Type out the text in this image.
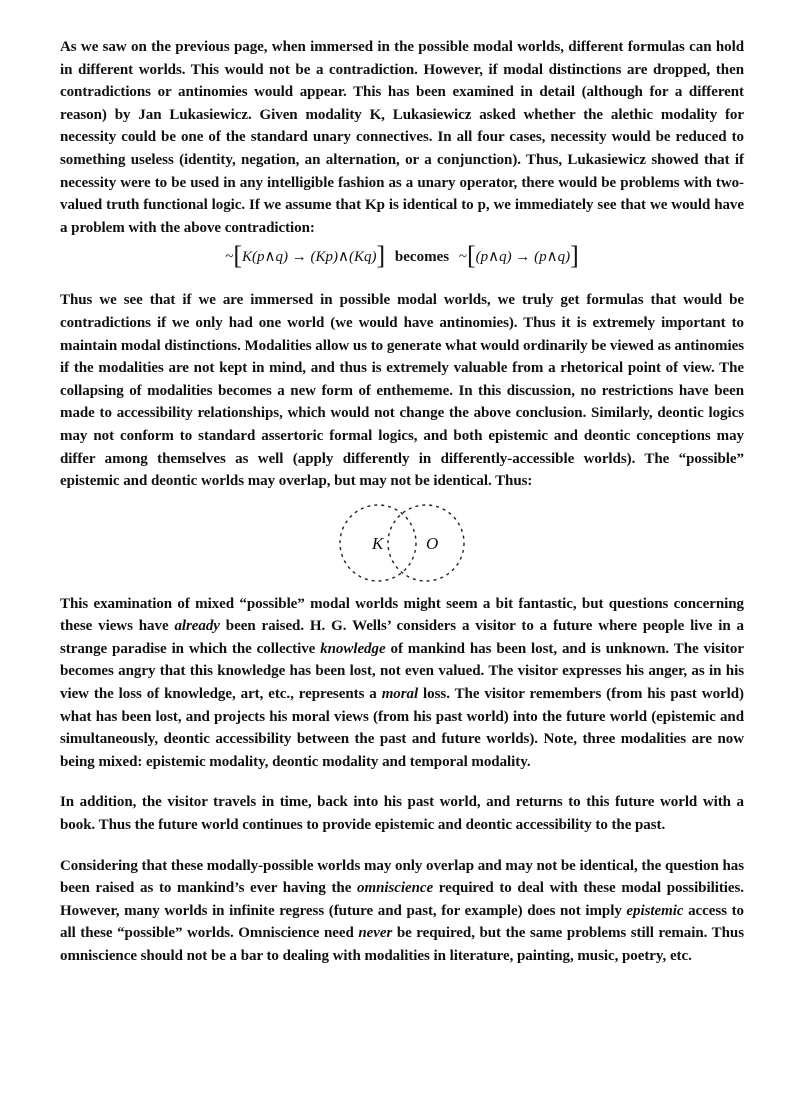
As we saw on the previous page, when immersed in the possible modal worlds, different formulas can hold in different worlds. This would not be a contradiction. However, if modal distinctions are dropped, then contradictions or antinomies would appear. This has been examined in detail (although for a different reason) by Jan Lukasiewicz. Given modality K, Lukasiewicz asked whether the alethic modality for necessity could be one of the standard unary connectives. In all four cases, necessity would be reduced to something useless (identity, negation, an alternation, or a conjunction). Thus, Lukasiewicz showed that if necessity were to be used in any intelligible fashion as a unary operator, there would be problems with two-valued truth functional logic. If we assume that Kp is identical to p, we immediately see that we would have a problem with the above contradiction:

~[K(p∧q) → (Kp)∧(Kq)] becomes ~[(p∧q) → (p∧q)]

Thus we see that if we are immersed in possible modal worlds, we truly get formulas that would be contradictions if we only had one world (we would have antinomies). Thus it is extremely important to maintain modal distinctions. Modalities allow us to generate what would ordinarily be viewed as antinomies if the modalities are not kept in mind, and thus is extremely valuable from a rhetorical point of view. The collapsing of modalities becomes a new form of enthememe. In this discussion, no restrictions have been made to accessibility relationships, which would not change the above conclusion. Similarly, deontic logics may not conform to standard assertoric formal logics, and both epistemic and deontic conceptions may differ among themselves as well (apply differently in differently-accessible worlds). The “possible” epistemic and deontic worlds may overlap, but may not be identical. Thus:

K	O

This examination of mixed “possible” modal worlds might seem a bit fantastic, but questions concerning these views have already been raised. H. G. Wells’ considers a visitor to a future where people live in a strange paradise in which the collective knowledge of mankind has been lost, and is unknown. The visitor becomes angry that this knowledge has been lost, not even valued. The visitor expresses his anger, as in his view the loss of knowledge, art, etc., represents a moral loss. The visitor remembers (from his past world) what has been lost, and projects his moral views (from his past world) into the future world (epistemic and simultaneously, deontic accessibility between the past and future worlds). Note, three modalities are now being mixed: epistemic modality, deontic modality and temporal modality.

In addition, the visitor travels in time, back into his past world, and returns to this future world with a book. Thus the future world continues to provide epistemic and deontic accessibility to the past.

Considering that these modally-possible worlds may only overlap and may not be identical, the question has been raised as to mankind’s ever having the omniscience required to deal with these modal possibilities. However, many worlds in infinite regress (future and past, for example) does not imply epistemic access to all these “possible” worlds. Omniscience need never be required, but the same problems still remain. Thus omniscience should not be a bar to dealing with modalities in literature, painting, music, poetry, etc.
